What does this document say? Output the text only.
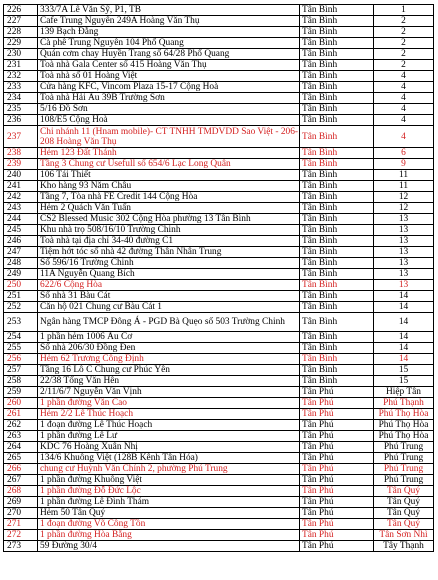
226	333/7A Lê Văn Sỹ, P1, TB	Tân Bình	1
227	Cafe Trung Nguyên 249A Hoàng Văn Thụ	Tân Bình	2
228	139 Bạch Đằng	Tân Bình	2
229	Cà phê Trung Nguyên 104 Phổ Quang	Tân Bình	2
230	Quán cơm chay Huyền Trang số 64/28 Phổ Quang	Tân Bình	2
231	Toà nhà Gala Center số 415 Hoàng Văn Thụ	Tân Bình	2
232	Toà nhà số 01 Hoàng Việt	Tân Bình	4
233	Cửa hàng KFC, Vincom Plaza 15-17 Cộng Hoà	Tân Bình	4
234	Toà nhà Hải Âu 39B Trường Sơn	Tân Bình	4
235	5/16 Đồ Sơn	Tân Bình	4
236	108/E5 Cộng Hoà	Tân Bình	4
237	Chi nhánh 11 (Hnam mobile)- CT TNHH TMDVDD Sao Việt - 206-208 Hoàng Văn Thụ	Tân Bình	4
238	Hẻm 123 Đất Thánh	Tân Bình	6
239	Tầng 3 Chung cư Usefull số 654/6 Lạc Long Quân	Tân Bình	9
240	106 Tái Thiết	Tân Bình	11
241	Kho hàng 93 Năm Châu	Tân Bình	11
242	Tầng 7, Tòa nhà FE Credit 144 Cộng Hòa	Tân Bình	12
243	Hẻm 2 Quách Văn Tuấn	Tân Bình	12
244	CS2 Blessed Music 302 Cộng Hòa phường 13 Tân Bình	Tân Bình	13
245	Khu nhà trọ 508/16/10 Trường Chinh	Tân Bình	13
246	Toà nhà tại địa chỉ 34-40 đường C1	Tân Bình	13
247	Tiệm hớt tóc số nhà 42 đường Thân Nhân Trung	Tân Bình	13
248	Số 596/16 Trường Chinh	Tân Bình	13
249	11A Nguyễn Quang Bích	Tân Bình	13
250	622/6 Cộng Hòa	Tân Bình	13
251	Số nhà 31 Bàu Cát	Tân Bình	14
252	Căn hộ 021 Chung cư Bàu Cát 1	Tân Bình	14
253	Ngân hàng TMCP Đông Á - PGD Bà Quẹo số 503 Trường Chinh	Tân Bình	14
254	1 phần hẻm 1006 Âu Cơ	Tân Bình	14
255	Số nhà 206/30 Đồng Đen	Tân Bình	14
256	Hẻm 62 Trương Công Định	Tân Bình	14
257	Tầng 16 Lô C Chung cư Phúc Yên	Tân Bình	15
258	22/38 Tống Văn Hên	Tân Bình	15
259	2/11/6/7 Nguyễn Văn Vịnh	Tân Phú	Hiệp Tân
260	1 phần đường Văn Cao	Tân Phú	Phú Thạnh
261	Hẻm 2/2 Lê Thúc Hoạch	Tân Phú	Phú Thọ Hòa
262	1 đoạn đường Lê Thúc Hoạch	Tân Phú	Phú Thọ Hòa
263	1 phần đường Lê Lư	Tân Phú	Phú Thọ Hòa
264	KDC 76 Hoàng Xuân Nhị	Tân Phú	Phú Trung
265	134/6 Khuông Việt (128B Kênh Tân Hóa)	Tân Phú	Phú Trung
266	chung cư Huỳnh Văn Chính 2, phường Phú Trung	Tân Phú	Phú Trung
267	1 phần đường Khuông Việt	Tân Phú	Phú Trung
268	1 phần đường Đỗ Đức Lộc	Tân Phú	Tân Quý
269	1 phần đường Lê Đình Thám	Tân Phú	Tân Quý
270	Hẻm 50 Tân Quý	Tân Phú	Tân Quý
271	1 đoạn đường Võ Công Tồn	Tân Phú	Tân Quý
272	1 phần đường Hòa Bằng	Tân Phú	Tân Sơn Nhì
273	59 Đường 30/4	Tân Phú	Tây Thạnh
